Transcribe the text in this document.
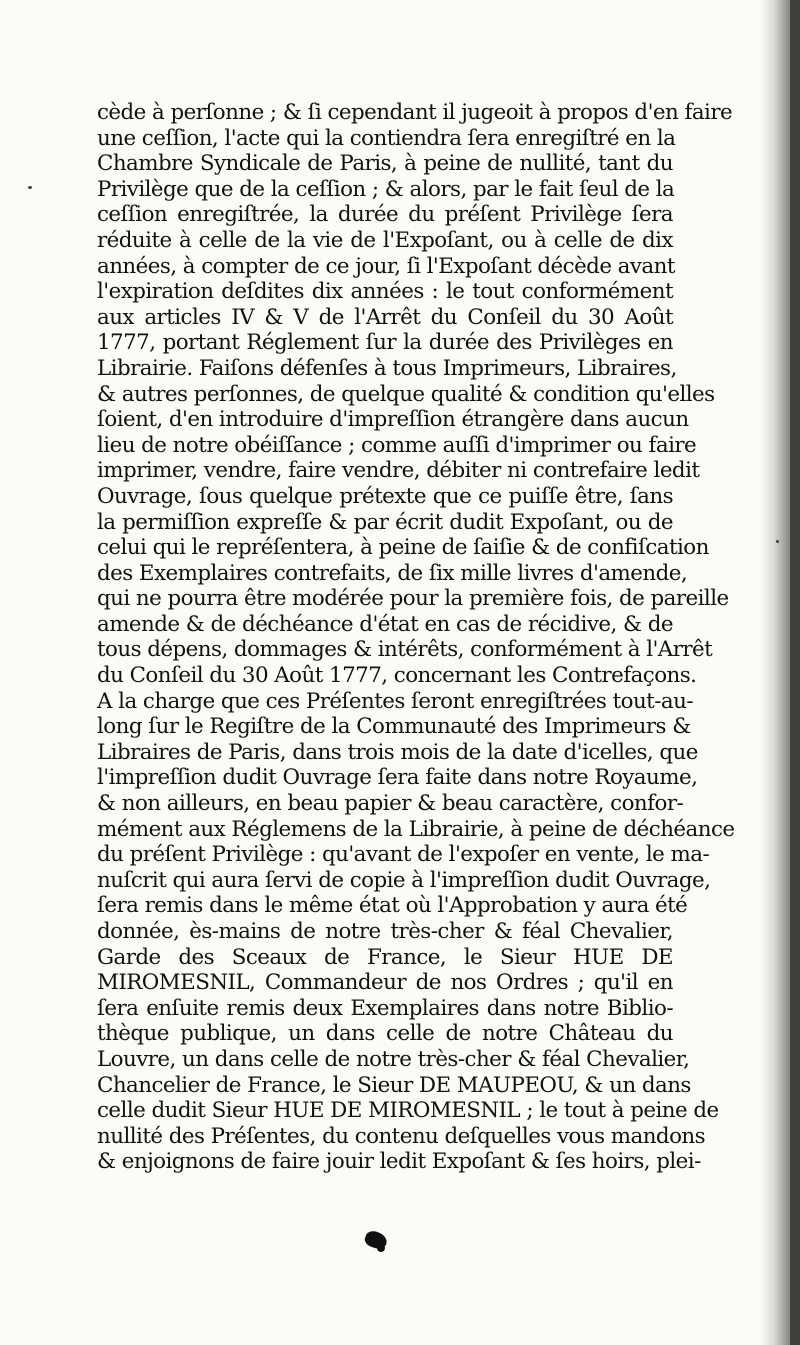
cède à perſonne ; & ſi cependant il jugeoit à propos d'en faire
une ceſſion, l'acte qui la contiendra ſera enregiſtré en la
Chambre Syndicale de Paris, à peine de nullité, tant du
Privilège que de la ceſſion ; & alors, par le fait ſeul de la
ceſſion enregiſtrée, la durée du préſent Privilège ſera
réduite à celle de la vie de l'Expoſant, ou à celle de dix
années, à compter de ce jour, ſi l'Expoſant décède avant
l'expiration deſdites dix années : le tout conformément
aux articles IV & V de l'Arrêt du Conſeil du 30 Août
1777, portant Réglement ſur la durée des Privilèges en
Librairie. Faiſons défenſes à tous Imprimeurs, Libraires,
& autres perſonnes, de quelque qualité & condition qu'elles
ſoient, d'en introduire d'impreſſion étrangère dans aucun
lieu de notre obéiſſance ; comme auſſi d'imprimer ou faire
imprimer, vendre, faire vendre, débiter ni contrefaire ledit
Ouvrage, ſous quelque prétexte que ce puiſſe être, ſans
la permiſſion expreſſe & par écrit dudit Expoſant, ou de
celui qui le repréſentera, à peine de ſaiſie & de confiſcation
des Exemplaires contrefaits, de ſix mille livres d'amende,
qui ne pourra être modérée pour la première fois, de pareille
amende & de déchéance d'état en cas de récidive, & de
tous dépens, dommages & intérêts, conformément à l'Arrêt
du Conſeil du 30 Août 1777, concernant les Contrefaçons.
A la charge que ces Préſentes ſeront enregiſtrées tout-au-
long ſur le Regiſtre de la Communauté des Imprimeurs &
Libraires de Paris, dans trois mois de la date d'icelles, que
l'impreſſion dudit Ouvrage ſera faite dans notre Royaume,
& non ailleurs, en beau papier & beau caractère, confor-
mément aux Réglemens de la Librairie, à peine de déchéance
du préſent Privilège : qu'avant de l'expoſer en vente, le ma-
nuſcrit qui aura ſervi de copie à l'impreſſion dudit Ouvrage,
ſera remis dans le même état où l'Approbation y aura été
donnée, ès-mains de notre très-cher & féal Chevalier,
Garde des Sceaux de France, le Sieur HUE DE
MIROMESNIL, Commandeur de nos Ordres ; qu'il en
ſera enſuite remis deux Exemplaires dans notre Biblio-
thèque publique, un dans celle de notre Château du
Louvre, un dans celle de notre très-cher & féal Chevalier,
Chancelier de France, le Sieur DE MAUPEOU, & un dans
celle dudit Sieur HUE DE MIROMESNIL ; le tout à peine de
nullité des Préſentes, du contenu deſquelles vous mandons
& enjoignons de faire jouir ledit Expoſant & ſes hoirs, plei-
